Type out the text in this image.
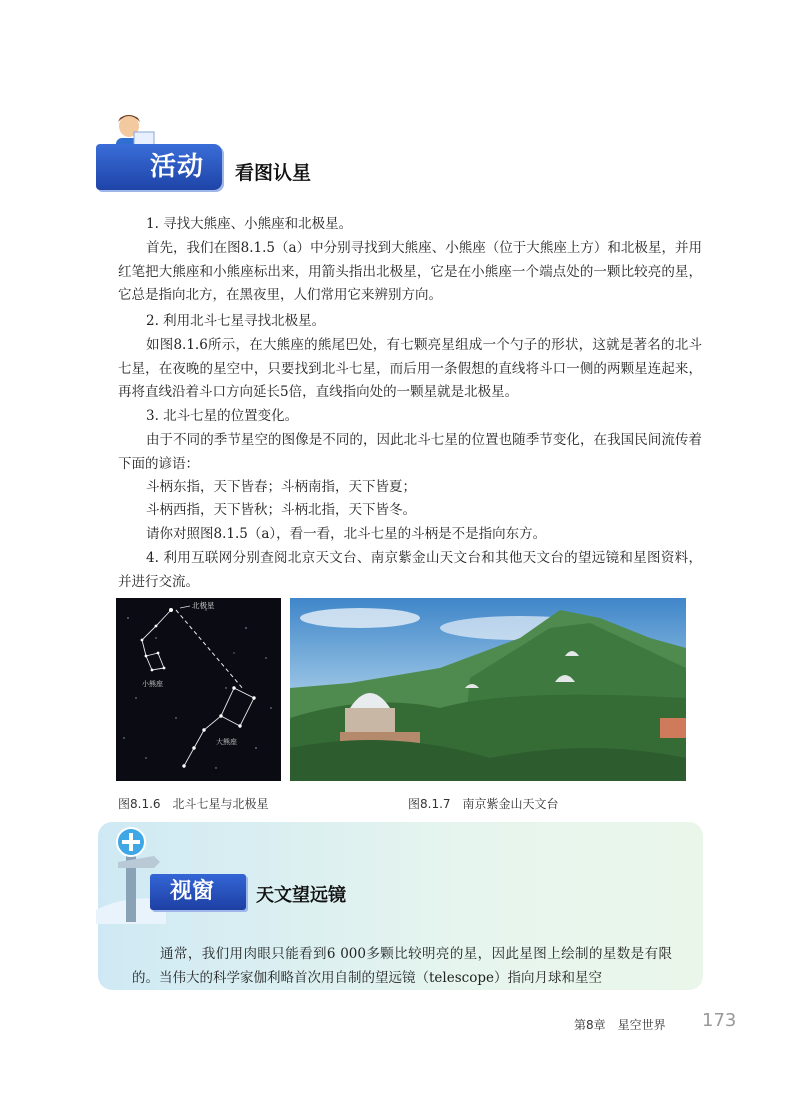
活动	看图认星
1. 寻找大熊座、小熊座和北极星。
首先，我们在图8.1.5（a）中分别寻找到大熊座、小熊座（位于大熊座上方）和北极星，并用红笔把大熊座和小熊座标出来，用箭头指出北极星，它是在小熊座一个端点处的一颗比较亮的星，它总是指向北方，在黑夜里，人们常用它来辨别方向。
2. 利用北斗七星寻找北极星。
如图8.1.6所示，在大熊座的熊尾巴处，有七颗亮星组成一个勺子的形状，这就是著名的北斗七星，在夜晚的星空中，只要找到北斗七星，而后用一条假想的直线将斗口一侧的两颗星连起来，再将直线沿着斗口方向延长5倍，直线指向处的一颗星就是北极星。
3. 北斗七星的位置变化。
由于不同的季节星空的图像是不同的，因此北斗七星的位置也随季节变化，在我国民间流传着下面的谚语：
斗柄东指，天下皆春；斗柄南指，天下皆夏；
斗柄西指，天下皆秋；斗柄北指，天下皆冬。
请你对照图8.1.5（a），看一看，北斗七星的斗柄是不是指向东方。
4. 利用互联网分别查阅北京天文台、南京紫金山天文台和其他天文台的望远镜和星图资料，并进行交流。
北极星
小熊座
大熊座
图8.1.6　北斗七星与北极星	图8.1.7　南京紫金山天文台
视窗 天文望远镜
通常，我们用肉眼只能看到6 000多颗比较明亮的星，因此星图上绘制的星数是有限的。当伟大的科学家伽利略首次用自制的望远镜（telescope）指向月球和星空
第8章　星空世界 173
